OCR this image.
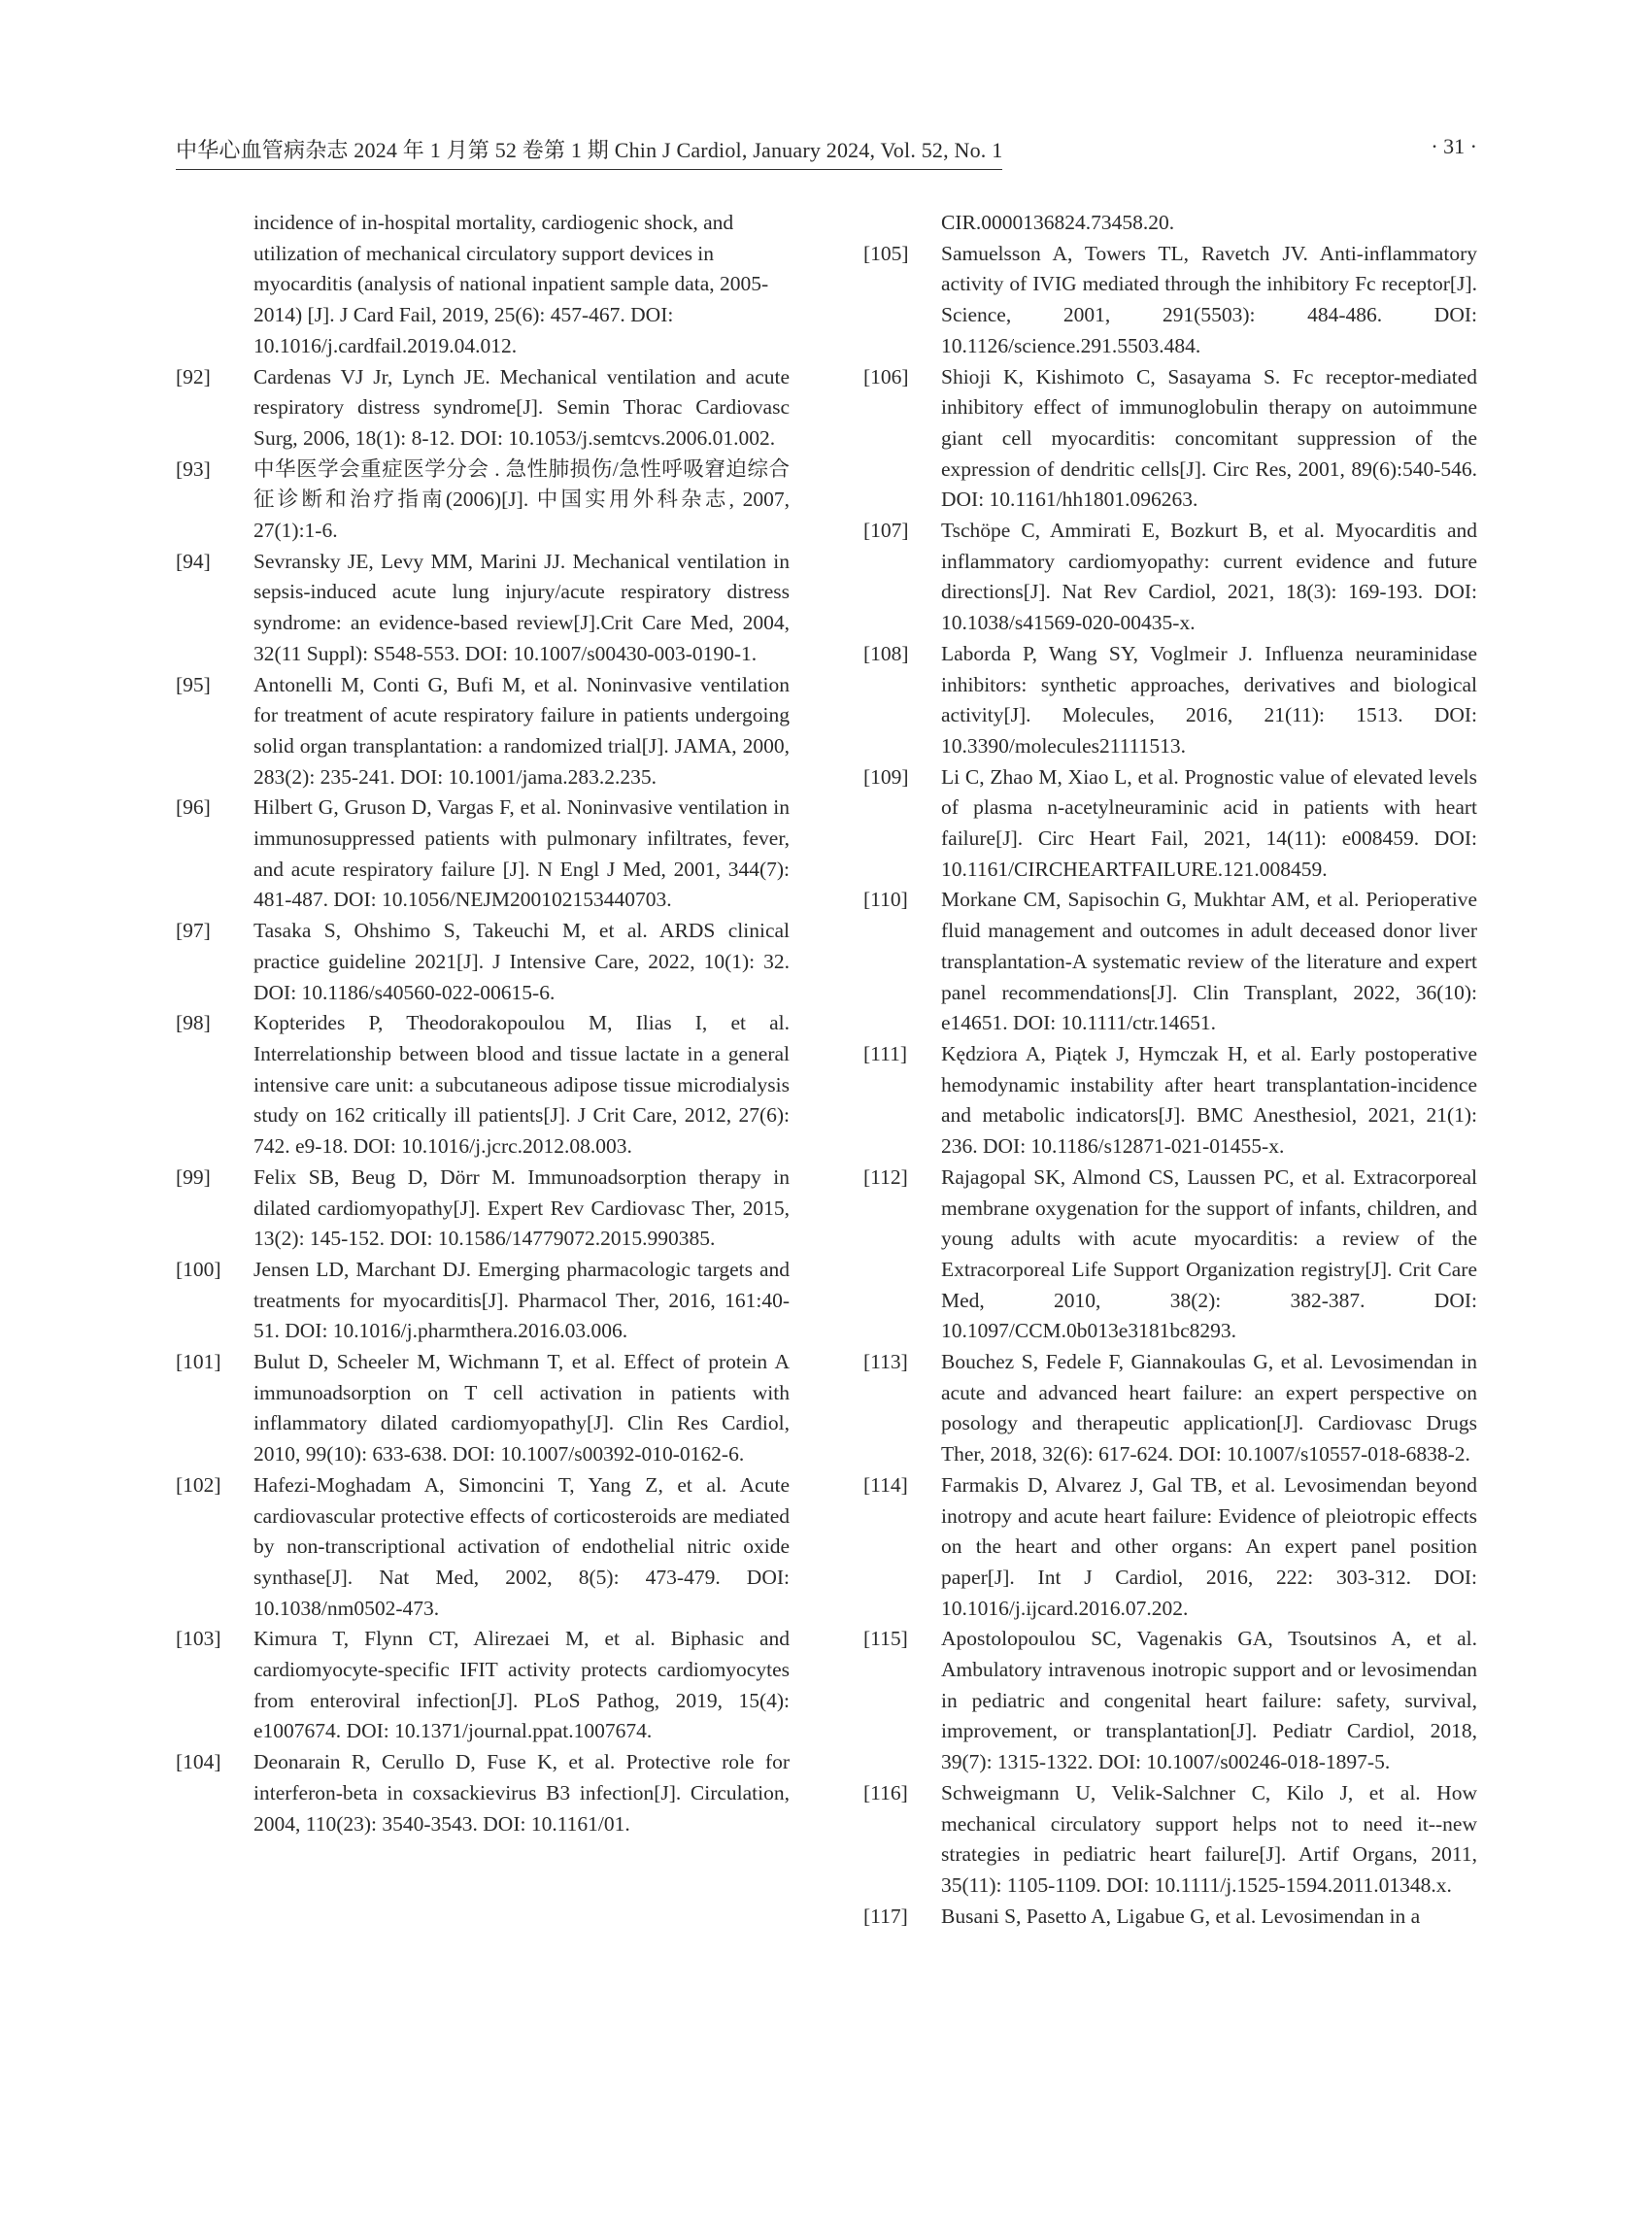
中华心血管病杂志 2024 年 1 月第 52 卷第 1 期 Chin J Cardiol, January 2024, Vol. 52, No. 1	· 31 ·
incidence of in-hospital mortality, cardiogenic shock, and utilization of mechanical circulatory support devices in myocarditis (analysis of national inpatient sample data, 2005-2014) [J]. J Card Fail, 2019, 25(6): 457-467. DOI: 10.1016/j.cardfail.2019.04.012.
[92]	Cardenas VJ Jr, Lynch JE. Mechanical ventilation and acute respiratory distress syndrome[J]. Semin Thorac Cardiovasc Surg, 2006, 18(1): 8-12. DOI: 10.1053/j.semtcvs.2006.01.002.
[93]	中华医学会重症医学分会 . 急性肺损伤/急性呼吸窘迫综合征诊断和治疗指南(2006)[J]. 中国实用外科杂志, 2007, 27(1):1-6.
[94]	Sevransky JE, Levy MM, Marini JJ. Mechanical ventilation in sepsis-induced acute lung injury/acute respiratory distress syndrome: an evidence-based review[J].Crit Care Med, 2004, 32(11 Suppl): S548-553. DOI: 10.1007/s00430-003-0190-1.
[95]	Antonelli M, Conti G, Bufi M, et al. Noninvasive ventilation for treatment of acute respiratory failure in patients undergoing solid organ transplantation: a randomized trial[J]. JAMA, 2000, 283(2): 235-241. DOI: 10.1001/jama.283.2.235.
[96]	Hilbert G, Gruson D, Vargas F, et al. Noninvasive ventilation in immunosuppressed patients with pulmonary infiltrates, fever, and acute respiratory failure [J]. N Engl J Med, 2001, 344(7): 481-487. DOI: 10.1056/NEJM200102153440703.
[97]	Tasaka S, Ohshimo S, Takeuchi M, et al. ARDS clinical practice guideline 2021[J]. J Intensive Care, 2022, 10(1): 32. DOI: 10.1186/s40560-022-00615-6.
[98]	Kopterides P, Theodorakopoulou M, Ilias I, et al. Interrelationship between blood and tissue lactate in a general intensive care unit: a subcutaneous adipose tissue microdialysis study on 162 critically ill patients[J]. J Crit Care, 2012, 27(6): 742. e9-18. DOI: 10.1016/j.jcrc.2012.08.003.
[99]	Felix SB, Beug D, Dörr M. Immunoadsorption therapy in dilated cardiomyopathy[J]. Expert Rev Cardiovasc Ther, 2015, 13(2): 145-152. DOI: 10.1586/14779072.2015.990385.
[100]	Jensen LD, Marchant DJ. Emerging pharmacologic targets and treatments for myocarditis[J]. Pharmacol Ther, 2016, 161:40-51. DOI: 10.1016/j.pharmthera.2016.03.006.
[101]	Bulut D, Scheeler M, Wichmann T, et al. Effect of protein A immunoadsorption on T cell activation in patients with inflammatory dilated cardiomyopathy[J]. Clin Res Cardiol, 2010, 99(10): 633-638. DOI: 10.1007/s00392-010-0162-6.
[102]	Hafezi-Moghadam A, Simoncini T, Yang Z, et al. Acute cardiovascular protective effects of corticosteroids are mediated by non-transcriptional activation of endothelial nitric oxide synthase[J]. Nat Med, 2002, 8(5): 473-479. DOI: 10.1038/nm0502-473.
[103]	Kimura T, Flynn CT, Alirezaei M, et al. Biphasic and cardiomyocyte-specific IFIT activity protects cardiomyocytes from enteroviral infection[J]. PLoS Pathog, 2019, 15(4): e1007674. DOI: 10.1371/journal.ppat.1007674.
[104]	Deonarain R, Cerullo D, Fuse K, et al. Protective role for interferon-beta in coxsackievirus B3 infection[J]. Circulation, 2004, 110(23): 3540-3543. DOI: 10.1161/01.
CIR.0000136824.73458.20.
[105]	Samuelsson A, Towers TL, Ravetch JV. Anti-inflammatory activity of IVIG mediated through the inhibitory Fc receptor[J]. Science, 2001, 291(5503): 484-486. DOI: 10.1126/science.291.5503.484.
[106]	Shioji K, Kishimoto C, Sasayama S. Fc receptor-mediated inhibitory effect of immunoglobulin therapy on autoimmune giant cell myocarditis: concomitant suppression of the expression of dendritic cells[J]. Circ Res, 2001, 89(6):540-546. DOI: 10.1161/hh1801.096263.
[107]	Tschöpe C, Ammirati E, Bozkurt B, et al. Myocarditis and inflammatory cardiomyopathy: current evidence and future directions[J]. Nat Rev Cardiol, 2021, 18(3): 169-193. DOI: 10.1038/s41569-020-00435-x.
[108]	Laborda P, Wang SY, Voglmeir J. Influenza neuraminidase inhibitors: synthetic approaches, derivatives and biological activity[J]. Molecules, 2016, 21(11): 1513. DOI: 10.3390/molecules21111513.
[109]	Li C, Zhao M, Xiao L, et al. Prognostic value of elevated levels of plasma n-acetylneuraminic acid in patients with heart failure[J]. Circ Heart Fail, 2021, 14(11): e008459. DOI: 10.1161/CIRCHEARTFAILURE.121.008459.
[110]	Morkane CM, Sapisochin G, Mukhtar AM, et al. Perioperative fluid management and outcomes in adult deceased donor liver transplantation-A systematic review of the literature and expert panel recommendations[J]. Clin Transplant, 2022, 36(10): e14651. DOI: 10.1111/ctr.14651.
[111]	Kędziora A, Piątek J, Hymczak H, et al. Early postoperative hemodynamic instability after heart transplantation-incidence and metabolic indicators[J]. BMC Anesthesiol, 2021, 21(1): 236. DOI: 10.1186/s12871-021-01455-x.
[112]	Rajagopal SK, Almond CS, Laussen PC, et al. Extracorporeal membrane oxygenation for the support of infants, children, and young adults with acute myocarditis: a review of the Extracorporeal Life Support Organization registry[J]. Crit Care Med, 2010, 38(2): 382-387. DOI: 10.1097/CCM.0b013e3181bc8293.
[113]	Bouchez S, Fedele F, Giannakoulas G, et al. Levosimendan in acute and advanced heart failure: an expert perspective on posology and therapeutic application[J]. Cardiovasc Drugs Ther, 2018, 32(6): 617-624. DOI: 10.1007/s10557-018-6838-2.
[114]	Farmakis D, Alvarez J, Gal TB, et al. Levosimendan beyond inotropy and acute heart failure: Evidence of pleiotropic effects on the heart and other organs: An expert panel position paper[J]. Int J Cardiol, 2016, 222: 303-312. DOI: 10.1016/j.ijcard.2016.07.202.
[115]	Apostolopoulou SC, Vagenakis GA, Tsoutsinos A, et al. Ambulatory intravenous inotropic support and or levosimendan in pediatric and congenital heart failure: safety, survival, improvement, or transplantation[J]. Pediatr Cardiol, 2018, 39(7): 1315-1322. DOI: 10.1007/s00246-018-1897-5.
[116]	Schweigmann U, Velik-Salchner C, Kilo J, et al. How mechanical circulatory support helps not to need it--new strategies in pediatric heart failure[J]. Artif Organs, 2011, 35(11): 1105-1109. DOI: 10.1111/j.1525-1594.2011.01348.x.
[117]	Busani S, Pasetto A, Ligabue G, et al. Levosimendan in a
